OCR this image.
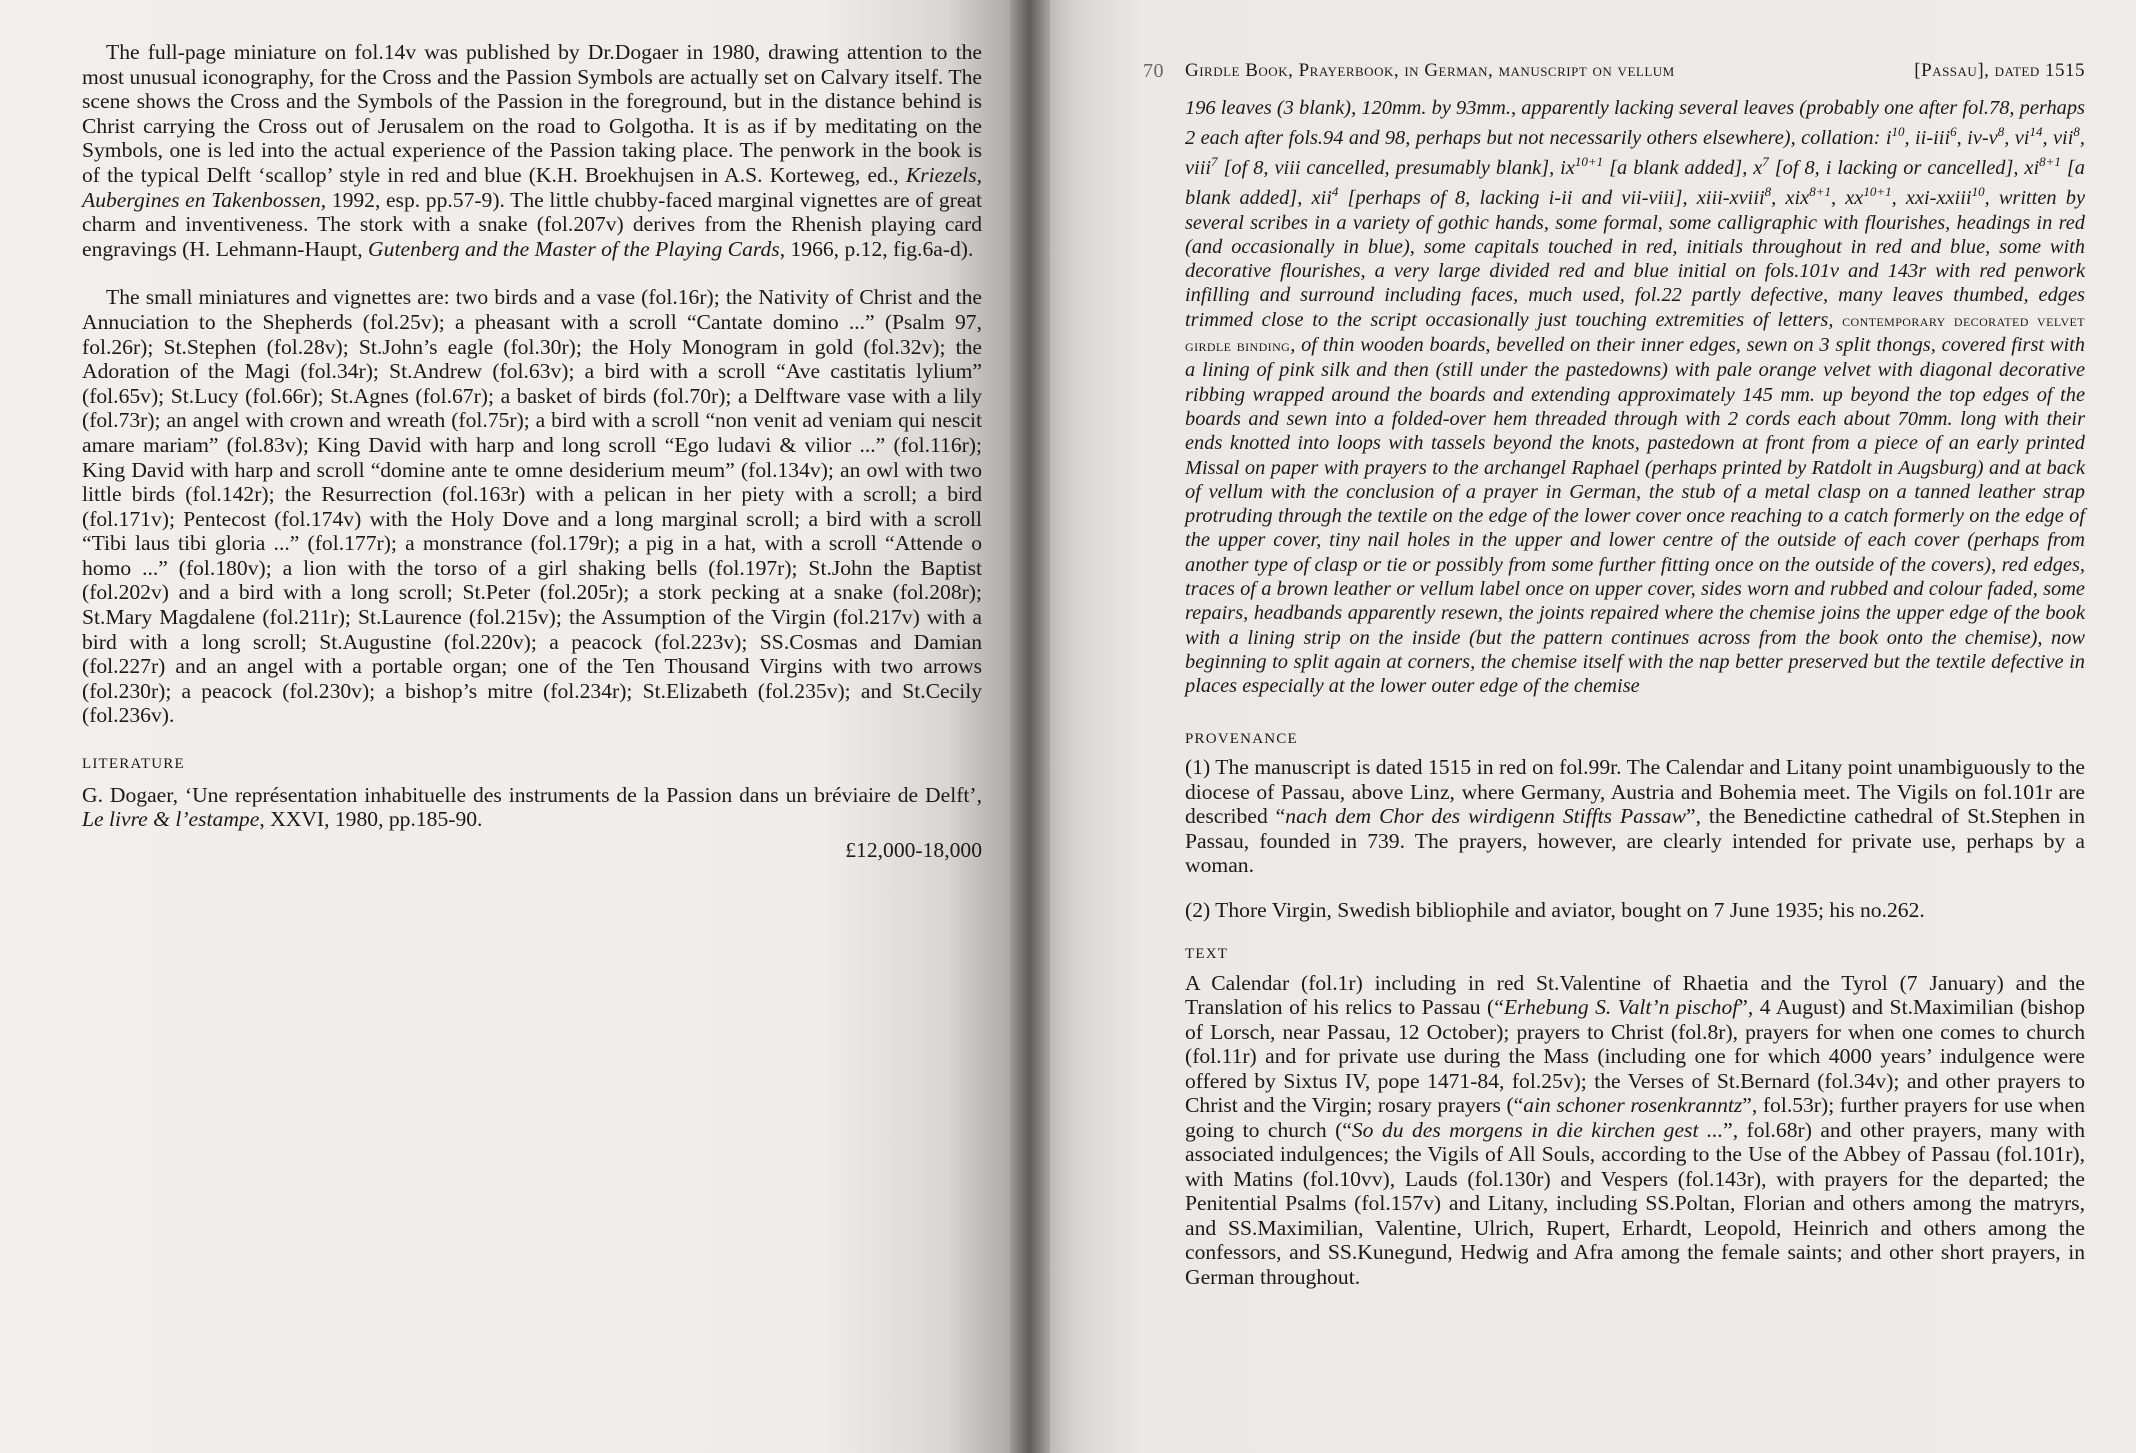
The full-page miniature on fol.14v was published by Dr.Dogaer in 1980, drawing attention to the most unusual iconography, for the Cross and the Passion Symbols are actually set on Calvary itself. The scene shows the Cross and the Symbols of the Passion in the foreground, but in the distance behind is Christ carrying the Cross out of Jerusalem on the road to Golgotha. It is as if by meditating on the Symbols, one is led into the actual experience of the Passion taking place. The penwork in the book is of the typical Delft ‘scallop’ style in red and blue (K.H. Broekhujsen in A.S. Korteweg, ed., Kriezels, Aubergines en Takenbossen, 1992, esp. pp.57-9). The little chubby-faced marginal vignettes are of great charm and inventiveness. The stork with a snake (fol.207v) derives from the Rhenish playing card engravings (H. Lehmann-Haupt, Gutenberg and the Master of the Playing Cards, 1966, p.12, fig.6a-d).

The small miniatures and vignettes are: two birds and a vase (fol.16r); the Nativity of Christ and the Annuciation to the Shepherds (fol.25v); a pheasant with a scroll “Cantate domino ...” (Psalm 97, fol.26r); St.Stephen (fol.28v); St.John’s eagle (fol.30r); the Holy Monogram in gold (fol.32v); the Adoration of the Magi (fol.34r); St.Andrew (fol.63v); a bird with a scroll “Ave castitatis lylium” (fol.65v); St.Lucy (fol.66r); St.Agnes (fol.67r); a basket of birds (fol.70r); a Delftware vase with a lily (fol.73r); an angel with crown and wreath (fol.75r); a bird with a scroll “non venit ad veniam qui nescit amare mariam” (fol.83v); King David with harp and long scroll “Ego ludavi & vilior ...” (fol.116r); King David with harp and scroll “domine ante te omne desiderium meum” (fol.134v); an owl with two little birds (fol.142r); the Resurrection (fol.163r) with a pelican in her piety with a scroll; a bird (fol.171v); Pentecost (fol.174v) with the Holy Dove and a long marginal scroll; a bird with a scroll “Tibi laus tibi gloria ...” (fol.177r); a monstrance (fol.179r); a pig in a hat, with a scroll “Attende o homo ...” (fol.180v); a lion with the torso of a girl shaking bells (fol.197r); St.John the Baptist (fol.202v) and a bird with a long scroll; St.Peter (fol.205r); a stork pecking at a snake (fol.208r); St.Mary Magdalene (fol.211r); St.Laurence (fol.215v); the Assumption of the Virgin (fol.217v) with a bird with a long scroll; St.Augustine (fol.220v); a peacock (fol.223v); SS.Cosmas and Damian (fol.227r) and an angel with a portable organ; one of the Ten Thousand Virgins with two arrows (fol.230r); a peacock (fol.230v); a bishop’s mitre (fol.234r); St.Elizabeth (fol.235v); and St.Cecily (fol.236v).

LITERATURE

G. Dogaer, ‘Une représentation inhabituelle des instruments de la Passion dans un bréviaire de Delft’, Le livre & l’estampe, XXVI, 1980, pp.185-90.

£12,000-18,000
70 Girdle Book, Prayerbook, in German, manuscript on vellum	[Passau], dated 1515

196 leaves (3 blank), 120mm. by 93mm., apparently lacking several leaves (probably one after fol.78, perhaps 2 each after fols.94 and 98, perhaps but not necessarily others elsewhere), collation: $i^{10}$, ii-iii$^6$, $iv-v^8$, $vi^{14}$, vii$^8$, viii$^7$ [of 8, viii cancelled, presumably blank], $ix^{10+1}$ [a blank added], $x^7$ [of 8, i lacking or cancelled], $xi^{8+1}$ [a blank added], xii$^4$ [perhaps of 8, lacking i-ii and vii-viii], xiii-xviii$^8$, xix$^{8+1}$, $xx^{10+1}$, xxi-xxiii$^{10}$, written by several scribes in a variety of gothic hands, some formal, some calligraphic with flourishes, headings in red (and occasionally in blue), some capitals touched in red, initials throughout in red and blue, some with decorative flourishes, a very large divided red and blue initial on fols.101v and 143r with red penwork infilling and surround including faces, much used, fol.22 partly defective, many leaves thumbed, edges trimmed close to the script occasionally just touching extremities of letters, contemporary decorated velvet girdle binding, of thin wooden boards, bevelled on their inner edges, sewn on 3 split thongs, covered first with a lining of pink silk and then (still under the pastedowns) with pale orange velvet with diagonal decorative ribbing wrapped around the boards and extending approximately 145 mm. up beyond the top edges of the boards and sewn into a folded-over hem threaded through with 2 cords each about 70mm. long with their ends knotted into loops with tassels beyond the knots, pastedown at front from a piece of an early printed Missal on paper with prayers to the archangel Raphael (perhaps printed by Ratdolt in Augsburg) and at back of vellum with the conclusion of a prayer in German, the stub of a metal clasp on a tanned leather strap protruding through the textile on the edge of the lower cover once reaching to a catch formerly on the edge of the upper cover, tiny nail holes in the upper and lower centre of the outside of each cover (perhaps from another type of clasp or tie or possibly from some further fitting once on the outside of the covers), red edges, traces of a brown leather or vellum label once on upper cover, sides worn and rubbed and colour faded, some repairs, headbands apparently resewn, the joints repaired where the chemise joins the upper edge of the book with a lining strip on the inside (but the pattern continues across from the book onto the chemise), now beginning to split again at corners, the chemise itself with the nap better preserved but the textile defective in places especially at the lower outer edge of the chemise

PROVENANCE

(1) The manuscript is dated 1515 in red on fol.99r. The Calendar and Litany point unambiguously to the diocese of Passau, above Linz, where Germany, Austria and Bohemia meet. The Vigils on fol.101r are described “nach dem Chor des wirdigenn Stiffts Passaw”, the Benedictine cathedral of St.Stephen in Passau, founded in 739. The prayers, however, are clearly intended for private use, perhaps by a woman.

(2) Thore Virgin, Swedish bibliophile and aviator, bought on 7 June 1935; his no.262.

TEXT

A Calendar (fol.1r) including in red St.Valentine of Rhaetia and the Tyrol (7 January) and the Translation of his relics to Passau (“Erhebung S. Valt’n pischof”, 4 August) and St.Maximilian (bishop of Lorsch, near Passau, 12 October); prayers to Christ (fol.8r), prayers for when one comes to church (fol.11r) and for private use during the Mass (including one for which 4000 years’ indulgence were offered by Sixtus IV, pope 1471-84, fol.25v); the Verses of St.Bernard (fol.34v); and other prayers to Christ and the Virgin; rosary prayers (“ain schoner rosenkranntz”, fol.53r); further prayers for use when going to church (“So du des morgens in die kirchen gest ...”, fol.68r) and other prayers, many with associated indulgences; the Vigils of All Souls, according to the Use of the Abbey of Passau (fol.101r), with Matins (fol.10vv), Lauds (fol.130r) and Vespers (fol.143r), with prayers for the departed; the Penitential Psalms (fol.157v) and Litany, including SS.Poltan, Florian and others among the matryrs, and SS.Maximilian, Valentine, Ulrich, Rupert, Erhardt, Leopold, Heinrich and others among the confessors, and SS.Kunegund, Hedwig and Afra among the female saints; and other short prayers, in German throughout.
